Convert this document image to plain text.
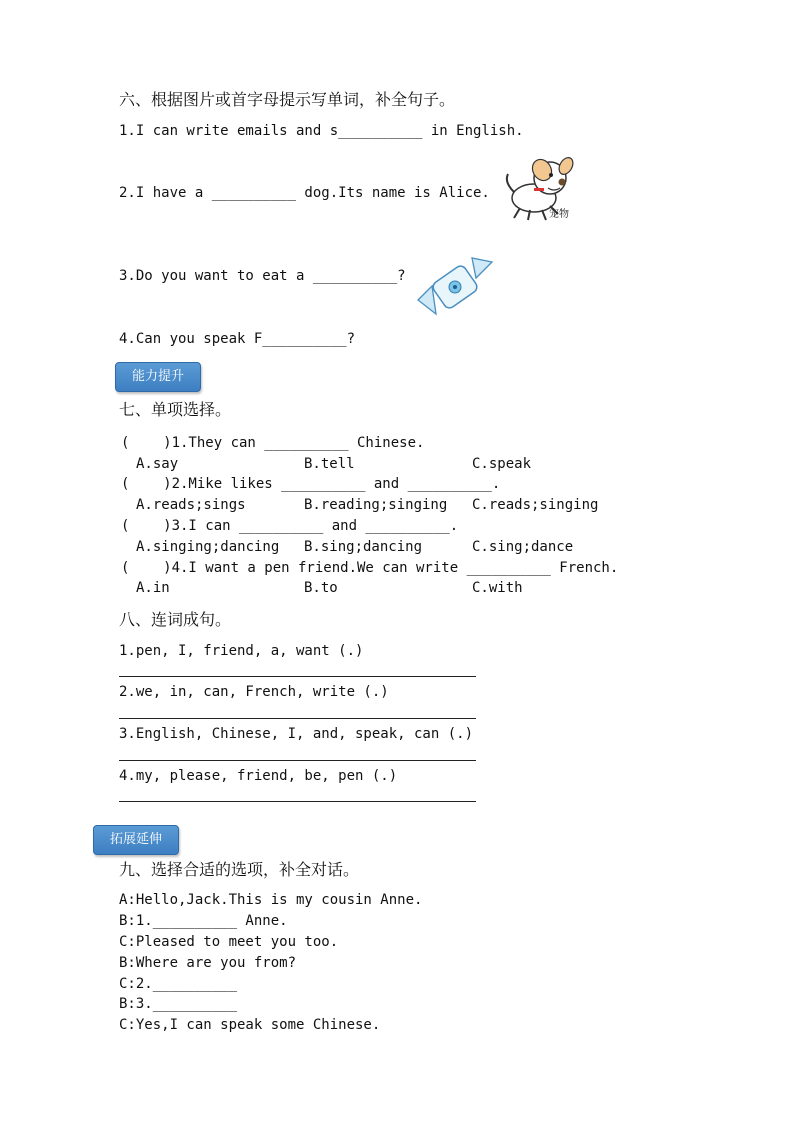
六、根据图片或首字母提示写单词，补全句子。
1.I can write emails and s__________ in English.
2.I have a __________ dog.Its name is Alice.
宠物
3.Do you want to eat a __________?
4.Can you speak F__________?
能力提升
七、单项选择。
(    )1.They can __________ Chinese.
A.say	B.tell	C.speak
(    )2.Mike likes __________ and __________.
A.reads;sings	B.reading;singing C.reads;singing
(    )3.I can __________ and __________.
A.singing;dancing B.sing;dancing	C.sing;dance
(    )4.I want a pen friend.We can write __________ French.
A.in	B.to	C.with
八、连词成句。
1.pen, I, friend, a, want (.)
2.we, in, can, French, write (.)
3.English, Chinese, I, and, speak, can (.)
4.my, please, friend, be, pen (.)
拓展延伸
九、选择合适的选项，补全对话。
A:Hello,Jack.This is my cousin Anne.
B:1.__________ Anne.
C:Pleased to meet you too.
B:Where are you from?
C:2.__________
B:3.__________
C:Yes,I can speak some Chinese.
